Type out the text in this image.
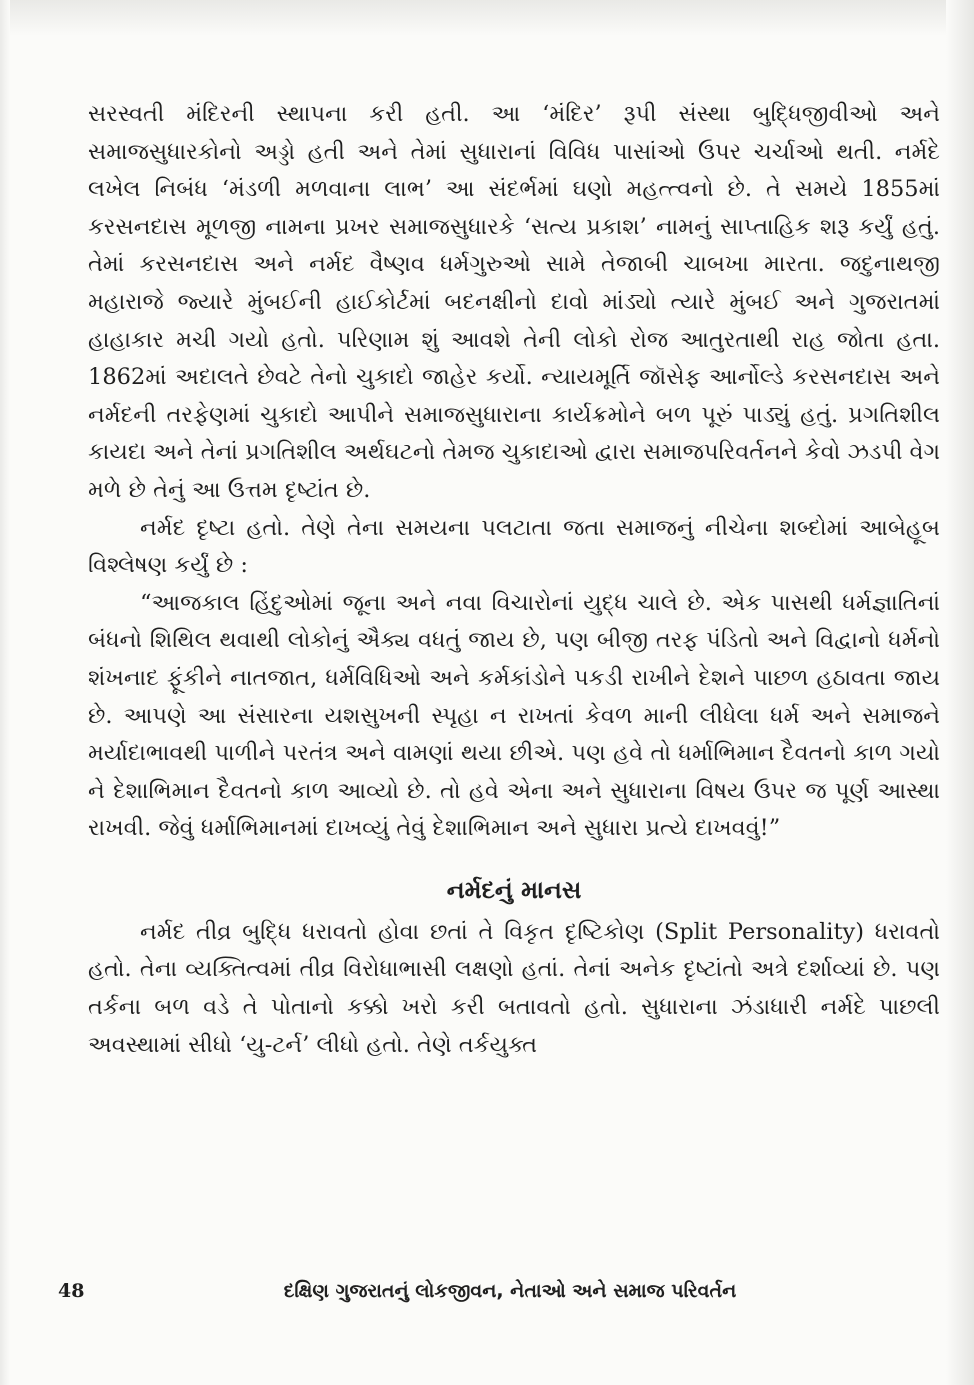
સરસ્વતી મંદિરની સ્થાપના કરી હતી. આ ‘મંદિર’ રૂપી સંસ્થા બુદ્ધિજીવીઓ અને સમાજસુધારકોનો અડ્ડો હતી અને તેમાં સુધારાનાં વિવિધ પાસાંઓ ઉપર ચર્ચાઓ થતી. નર્મદે લખેલ નિબંધ ‘મંડળી મળવાના લાભ’ આ સંદર્ભમાં ઘણો મહત્ત્વનો છે. તે સમયે 1855માં કરસનદાસ મૂળજી નામના પ્રખર સમાજસુધારકે ‘સત્ય પ્રકાશ’ નામનું સાપ્તાહિક શરૂ કર્યું હતું. તેમાં કરસનદાસ અને નર્મદ વૈષ્ણવ ધર્મગુરુઓ સામે તેજાબી ચાબખા મારતા. જદુનાથજી મહારાજે જ્યારે મુંબઈની હાઈકોર્ટમાં બદનક્ષીનો દાવો માંડ્યો ત્યારે મુંબઈ અને ગુજરાતમાં હાહાકાર મચી ગયો હતો. પરિણામ શું આવશે તેની લોકો રોજ આતુરતાથી રાહ જોતા હતા. 1862માં અદાલતે છેવટે તેનો ચુકાદો જાહેર કર્યો. ન્યાયમૂર્તિ જૉસેફ આર્નોલ્ડે કરસનદાસ અને નર્મદની તરફેણમાં ચુકાદો આપીને સમાજસુધારાના કાર્યક્રમોને બળ પૂરું પાડ્યું હતું. પ્રગતિશીલ કાયદા અને તેનાં પ્રગતિશીલ અર્થઘટનો તેમજ ચુકાદાઓ દ્વારા સમાજપરિવર્તનને કેવો ઝડપી વેગ મળે છે તેનું આ ઉત્તમ દૃષ્ટાંત છે.

નર્મદ દૃષ્ટા હતો. તેણે તેના સમયના પલટાતા જતા સમાજનું નીચેના શબ્દોમાં આબેહૂબ વિશ્લેષણ કર્યું છે :

“આજકાલ હિંદુઓમાં જૂના અને નવા વિચારોનાં યુદ્ધ ચાલે છે. એક પાસથી ધર્મજ્ઞાતિનાં બંધનો શિથિલ થવાથી લોકોનું ઐક્ય વધતું જાય છે, પણ બીજી તરફ પંડિતો અને વિદ્વાનો ધર્મનો શંખનાદ ફૂંકીને નાતજાત, ધર્મવિધિઓ અને કર્મકાંડોને પકડી રાખીને દેશને પાછળ હઠાવતા જાય છે. આપણે આ સંસારના યશસુખની સ્પૃહા ન રાખતાં કેવળ માની લીધેલા ધર્મ અને સમાજને મર્યાદાભાવથી પાળીને પરતંત્ર અને વામણાં થયા છીએ. પણ હવે તો ધર્માભિમાન દૈવતનો કાળ ગયો ને દેશાભિમાન દૈવતનો કાળ આવ્યો છે. તો હવે એના અને સુધારાના વિષય ઉપર જ પૂર્ણ આસ્થા રાખવી. જેવું ધર્માભિમાનમાં દાખવ્યું તેવું દેશાભિમાન અને સુધારા પ્રત્યે દાખવવું!”

નર્મદનું માનસ

નર્મદ તીવ્ર બુદ્ધિ ધરાવતો હોવા છતાં તે વિકૃત દૃષ્ટિકોણ (Split Personality) ધરાવતો હતો. તેના વ્યક્તિત્વમાં તીવ્ર વિરોધાભાસી લક્ષણો હતાં. તેનાં અનેક દૃષ્ટાંતો અત્રે દર્શાવ્યાં છે. પણ તર્કના બળ વડે તે પોતાનો કક્કો ખરો કરી બતાવતો હતો. સુધારાના ઝંડાધારી નર્મદે પાછલી અવસ્થામાં સીધો ‘યુ-ટર્ન’ લીધો હતો. તેણે તર્કયુક્ત

48	દક્ષિણ ગુજરાતનું લોકજીવન, નેતાઓ અને સમાજ પરિવર્તન
